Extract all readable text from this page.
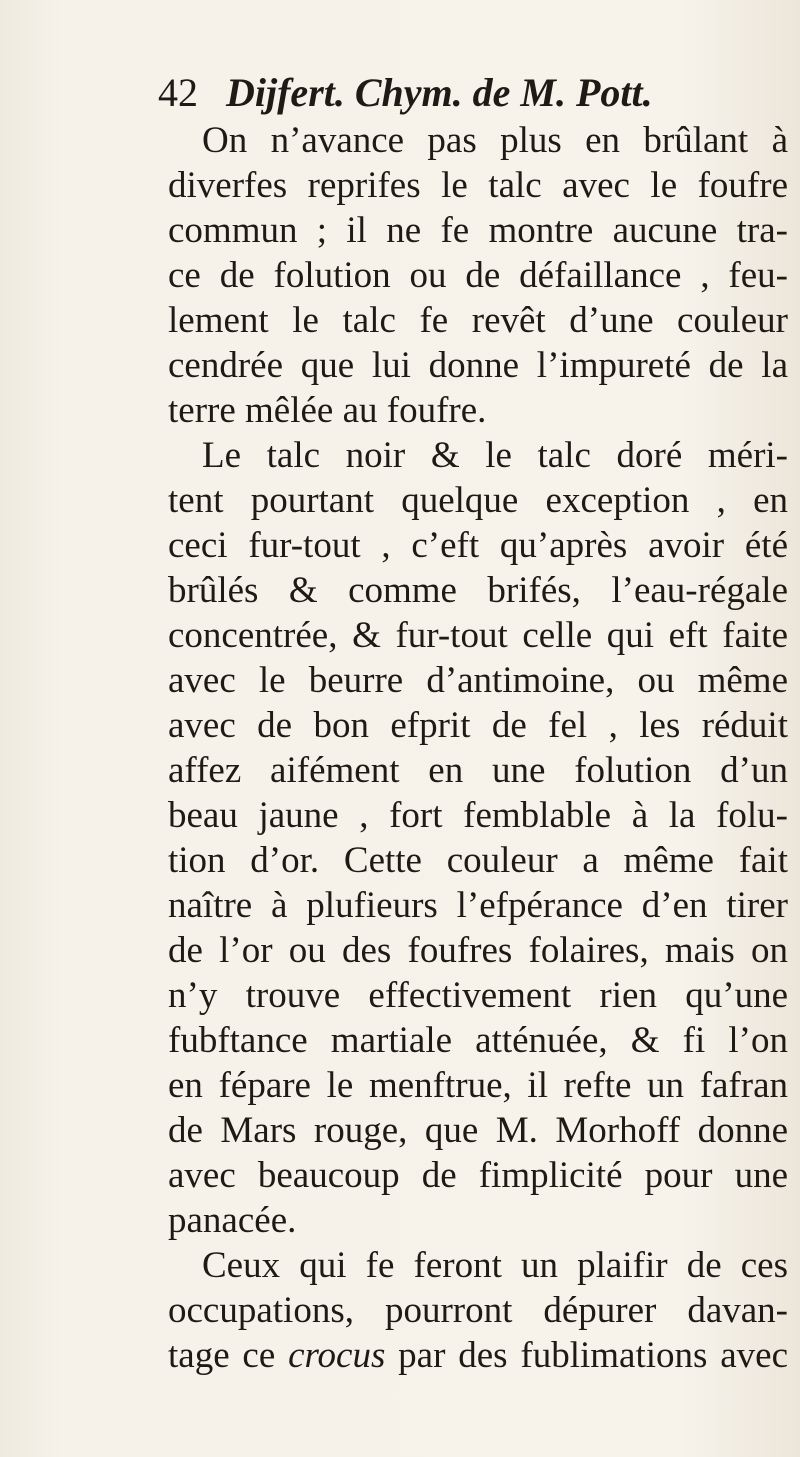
42 Dijfert. Chym. de M. Pott.
On n’avance pas plus en brûlant à
diverfes reprifes le talc avec le foufre
commun ; il ne fe montre aucune tra-
ce de folution ou de défaillance , feu-
lement le talc fe revêt d’une couleur
cendrée que lui donne l’impureté de la
terre mêlée au foufre.
Le talc noir & le talc doré méri-
tent pourtant quelque exception , en
ceci fur-tout , c’eft qu’après avoir été
brûlés & comme brifés, l’eau-régale
concentrée, & fur-tout celle qui eft faite
avec le beurre d’antimoine, ou même
avec de bon efprit de fel , les réduit
affez aifément en une folution d’un
beau jaune , fort femblable à la folu-
tion d’or. Cette couleur a même fait
naître à plufieurs l’efpérance d’en tirer
de l’or ou des foufres folaires, mais on
n’y trouve effectivement rien qu’une
fubftance martiale atténuée, & fi l’on
en fépare le menftrue, il refte un fafran
de Mars rouge, que M. Morhoff donne
avec beaucoup de fimplicité pour une
panacée.
Ceux qui fe feront un plaifir de ces
occupations, pourront dépurer davan-
tage ce crocus par des fublimations avec
